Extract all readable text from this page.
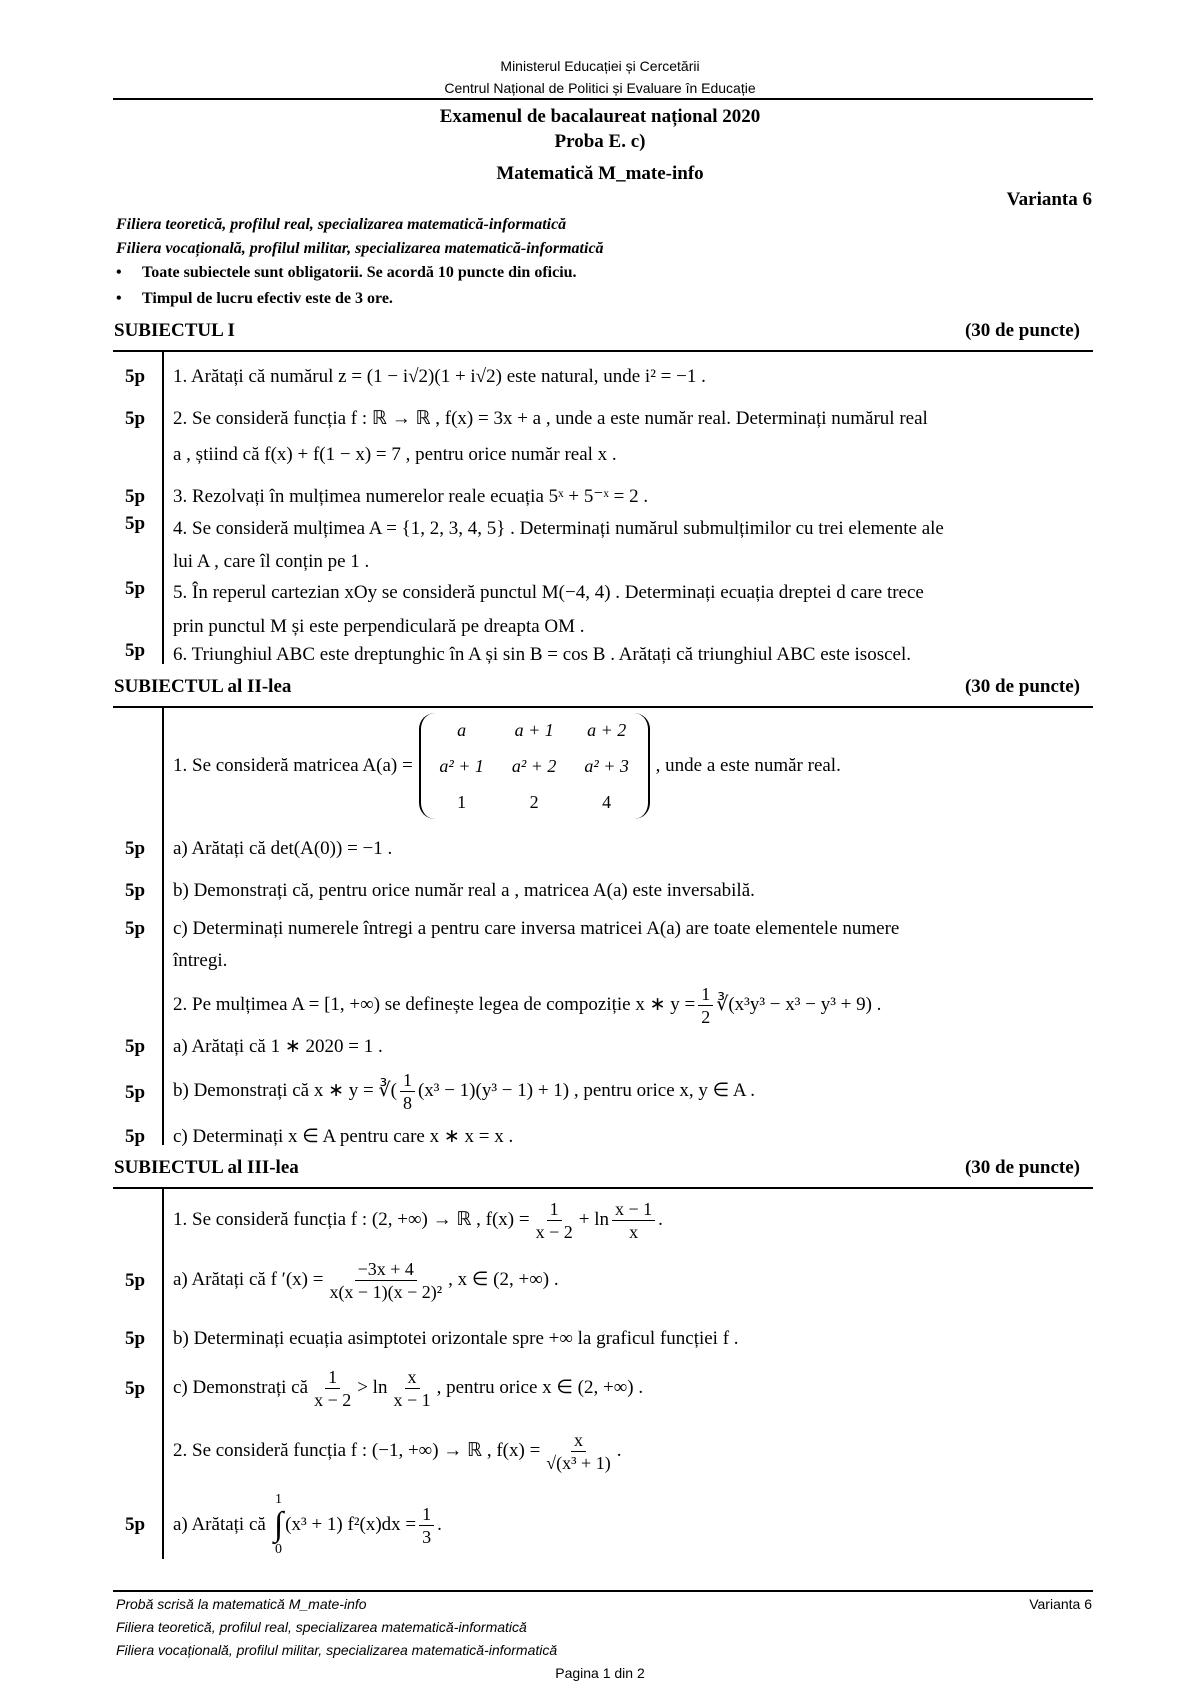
Ministerul Educației și Cercetării
Centrul Național de Politici și Evaluare în Educație
Examenul de bacalaureat național 2020
Proba E. c)
Matematică M_mate-info
Varianta 6
Filiera teoretică, profilul real, specializarea matematică-informatică
Filiera vocațională, profilul militar, specializarea matematică-informatică
• Toate subiectele sunt obligatorii. Se acordă 10 puncte din oficiu.
• Timpul de lucru efectiv este de 3 ore.
SUBIECTUL I	(30 de puncte)
5p 1. Arătați că numărul z = (1 − i√2)(1 + i√2) este natural, unde i² = −1 .
5p 2. Se consideră funcția f : ℝ → ℝ , f(x) = 3x + a , unde a este număr real. Determinați numărul real
a , știind că f(x) + f(1 − x) = 7 , pentru orice număr real x .
5p 3. Rezolvați în mulțimea numerelor reale ecuația 5ˣ + 5⁻ˣ = 2 .
5p 4. Se consideră mulțimea A = {1, 2, 3, 4, 5} . Determinați numărul submulțimilor cu trei elemente ale
lui A , care îl conțin pe 1 .
5p 5. În reperul cartezian xOy se consideră punctul M(−4, 4) . Determinați ecuația dreptei d care trece
prin punctul M și este perpendiculară pe dreapta OM .
5p 6. Triunghiul ABC este dreptunghic în A și sin B = cos B . Arătați că triunghiul ABC este isoscel.
SUBIECTUL al II-lea	(30 de puncte)
1. Se consideră matricea A(a) =
a	a + 1	a + 2
a² + 1	a² + 2	a² + 3
1	2	4
, unde a este număr real.
5p a) Arătați că det(A(0)) = −1 .
5p b) Demonstrați că, pentru orice număr real a , matricea A(a) este inversabilă.
5p c) Determinați numerele întregi a pentru care inversa matricei A(a) are toate elementele numere
întregi.
2. Pe mulțimea A = [1, +∞) se definește legea de compoziție x ∗ $y = \frac{1}{2}$ ∛(x³y³ − x³ − y³ + 9) .
5p a) Arătați că 1 ∗ 2020 = 1 .
5p b) Demonstrați că x ∗ y = ∛( $\frac{1}{8} (x^3 - 1)(y^3 - 1) + 1$) , pentru orice x, y ∈ A .
5p c) Determinați x ∈ A pentru care x ∗ x = x .
SUBIECTUL al III-lea	(30 de puncte)
1. Se consideră funcția f : (2, +∞) → ℝ , $f(x) = \frac{1}{x - 2} + \ln \frac{x - 1}{x}$ .
5p a) Arătați că f $'(x) = \frac{-3x + 4}{\text{x(x − 1)(x − 2)²}}$ , x ∈ (2, +∞) .
5p b) Determinați ecuația asimptotei orizontale spre +∞ la graficul funcției f .
5p c) Demonstrați că $\frac{1}{x - 2} > \ln \frac{x}{x - 1}$ , pentru orice x ∈ (2, +∞) .
2. Se consideră funcția f : (−1, +∞) → ℝ , $f(x) = \frac{x}{\text{√(x³ + 1)}}$ .
5p a) Arătați că
1
∫
0
(x³ + 1) $f^2(x)dx = \frac{1}{3}$ .
Probă scrisă la matematică M_mate-info	Varianta 6
Filiera teoretică, profilul real, specializarea matematică-informatică
Filiera vocațională, profilul militar, specializarea matematică-informatică
Pagina 1 din 2
